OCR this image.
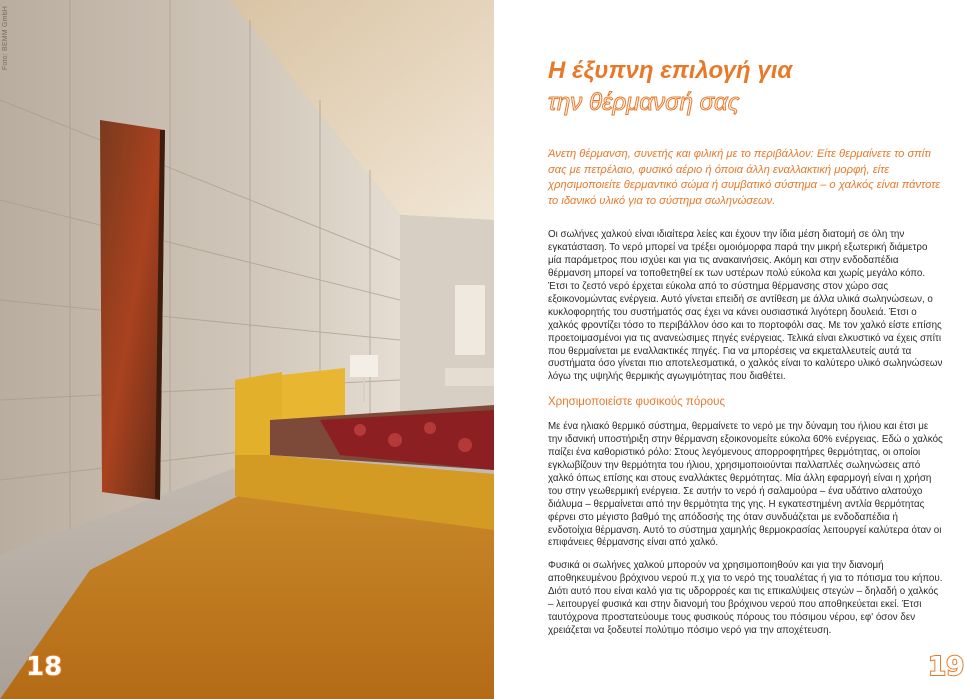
Foto: BEMM GmbH
18	19
Η έξυπνη επιλογή για
την θέρμανσή σας

Άνετη θέρμανση, συνετής και φιλική με το περιβάλλον: Είτε θερμαίνετε το σπίτι σας με πετρέλαιο, φυσικό αέριο ή όποια άλλη εναλλακτική μορφή, είτε χρησιμοποιείτε θερμαντικό σώμα ή συμβατικό σύστημα – ο χαλκός είναι πάντοτε το ιδανικό υλικό για το σύστημα σωληνώσεων.

Οι σωλήνες χαλκού είναι ιδιαίτερα λείες και έχουν την ίδια μέση διατομή σε όλη την εγκατάσταση. Το νερό μπορεί να τρέξει ομοιόμορφα παρά την μικρή εξωτερική διάμετρο μία παράμετρος που ισχύει και για τις ανακαινήσεις. Ακόμη και στην ενδοδαπέδια θέρμανση μπορεί να τοποθετηθεί εκ των υστέρων πολύ εύκολα και χωρίς μεγάλο κόπο. Έτσι το ζεστό νερό έρχεται εύκολα από το σύστημα θέρμανσης στον χώρο σας εξοικονομώντας ενέργεια. Αυτό γίνεται επειδή σε αντίθεση με άλλα υλικά σωληνώσεων, ο κυκλοφορητής του συστήματός σας έχει να κάνει ουσιαστικά λιγότερη δουλειά. Έτσι ο χαλκός φροντίζει τόσο το περιβάλλον όσο και το πορτοφόλι σας. Με τον χαλκό είστε επίσης προετοιμασμένοι για τις ανανεώσιμες πηγές ενέργειας. Τελικά είναι ελκυστικό να έχεις σπίτι που θερμαίνεται με εναλλακτικές πηγές. Για να μπορέσεις να εκμεταλλευτείς αυτά τα συστήματα όσο γίνεται πιο αποτελεσματικά, ο χαλκός είναι το καλύτερο υλικό σωληνώσεων λόγω της υψηλής θερμικής αγωγιμότητας που διαθέτει.

Χρησιμοποιείστε φυσικούς πόρους

Με ένα ηλιακό θερμικό σύστημα, θερμαίνετε το νερό με την δύναμη του ήλιου και έτσι με την ιδανική υποστήριξη στην θέρμανση εξοικονομείτε εύκολα 60% ενέργειας. Εδώ ο χαλκός παίζει ένα καθοριστικό ρόλο: Στους λεγόμενους απορροφητήρες θερμότητας, οι οποίοι εγκλωβίζουν την θερμότητα του ήλιου, χρησιμοποιούνται παλλαπλές σωληνώσεις από χαλκό όπως επίσης και στους εναλλάκτες θερμότητας. Μία άλλη εφαρμογή είναι η χρήση του στην γεωθερμική ενέργεια. Σε αυτήν το νερό ή σαλαμούρα – ένα υδάτινο αλατούχο διάλυμα – θερμαίνεται από την θερμότητα της γης. Η εγκατεστημένη αντλία θερμότητας φέρνει στο μέγιστο βαθμό της απόδοσής της όταν συνδυάζεται με ενδοδαπέδια ή ενδοτοίχια θέρμανση. Αυτό το σύστημα χαμηλής θερμοκρασίας λειτουργεί καλύτερα όταν οι επιφάνειες θέρμανσης είναι από χαλκό.

Φυσικά οι σωλήνες χαλκού μπορούν να χρησιμοποιηθούν και για την διανομή αποθηκευμένου βρόχινου νερού π.χ για το νερό της τουαλέτας ή για το πότισμα του κήπου. Διότι αυτό που είναι καλό για τις υδρορροές και τις επικαλύψεις στεγών – δηλαδή ο χαλκός – λειτουργεί φυσικά και στην διανομή του βρόχινου νερού που αποθηκεύεται εκεί. Έτσι ταυτόχρονα προστατεύουμε τους φυσικούς πόρους του πόσιμου νέρου, εφ' όσον δεν χρειάζεται να ξοδευτεί πολύτιμο πόσιμο νερό για την αποχέτευση.
